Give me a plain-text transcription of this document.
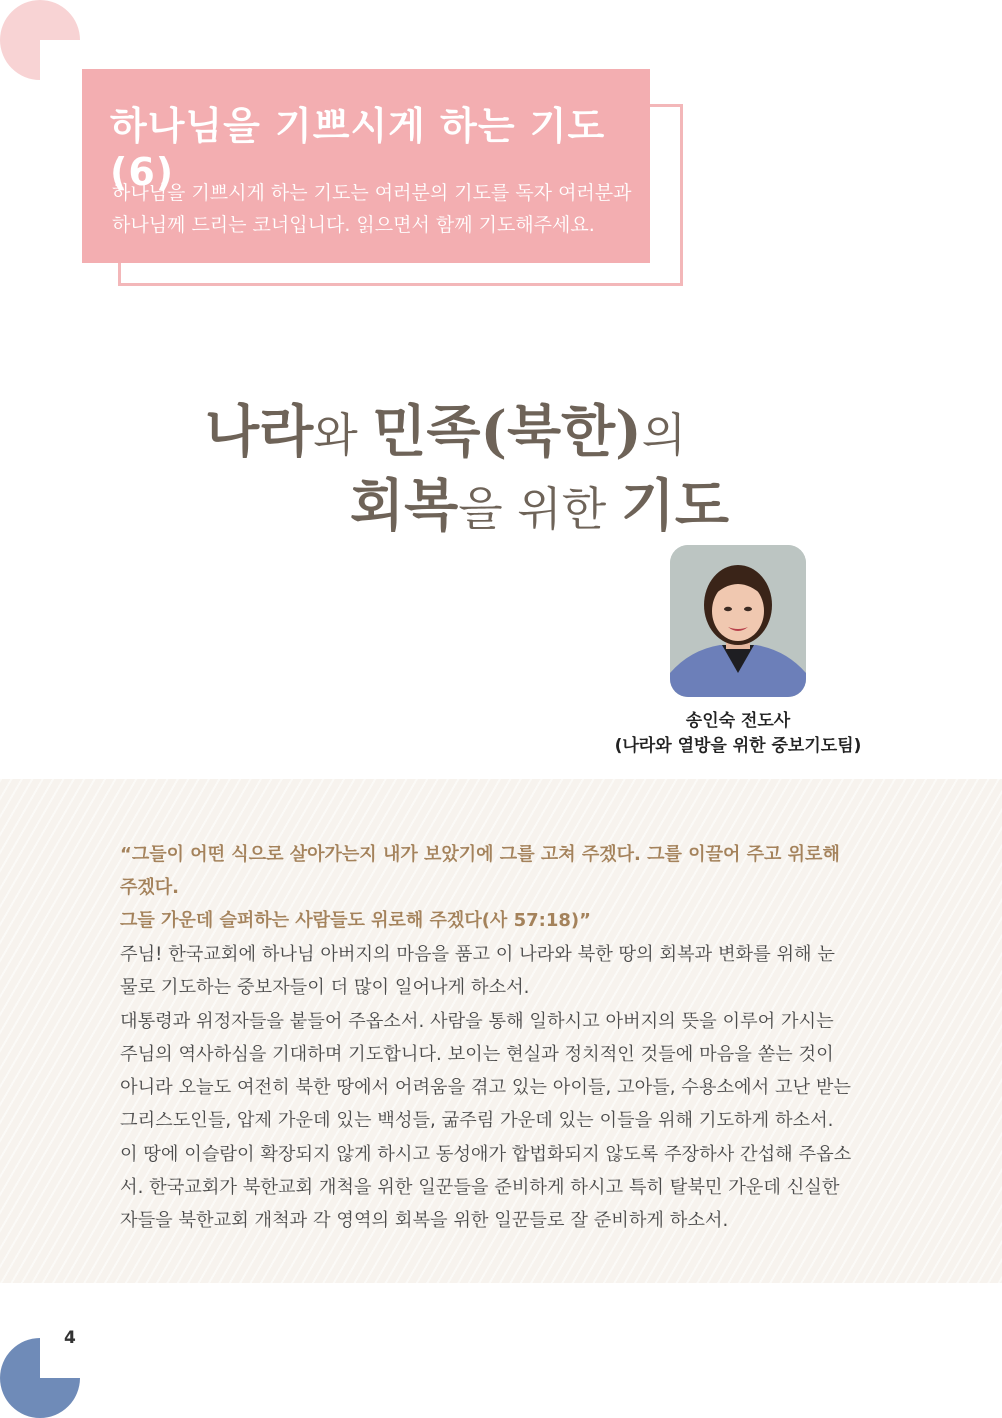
하나님을 기쁘시게 하는 기도(6)
하나님을 기쁘시게 하는 기도는 여러분의 기도를 독자 여러분과
하나님께 드리는 코너입니다. 읽으면서 함께 기도해주세요.
나라와 민족(북한)의
회복을 위한 기도
송인숙 전도사
(나라와 열방을 위한 중보기도팀)
“그들이 어떤 식으로 살아가는지 내가 보았기에 그를 고쳐 주겠다. 그를 이끌어 주고 위로해 주겠다.
그들 가운데 슬퍼하는 사람들도 위로해 주겠다(사 57:18)”

주님! 한국교회에 하나님 아버지의 마음을 품고 이 나라와 북한 땅의 회복과 변화를 위해 눈물로 기도하는 중보자들이 더 많이 일어나게 하소서.

대통령과 위정자들을 붙들어 주옵소서. 사람을 통해 일하시고 아버지의 뜻을 이루어 가시는 주님의 역사하심을 기대하며 기도합니다. 보이는 현실과 정치적인 것들에 마음을 쏟는 것이 아니라 오늘도 여전히 북한 땅에서 어려움을 겪고 있는 아이들, 고아들, 수용소에서 고난 받는 그리스도인들, 압제 가운데 있는 백성들, 굶주림 가운데 있는 이들을 위해 기도하게 하소서. 이 땅에 이슬람이 확장되지 않게 하시고 동성애가 합법화되지 않도록 주장하사 간섭해 주옵소서. 한국교회가 북한교회 개척을 위한 일꾼들을 준비하게 하시고 특히 탈북민 가운데 신실한 자들을 북한교회 개척과 각 영역의 회복을 위한 일꾼들로 잘 준비하게 하소서.

4
